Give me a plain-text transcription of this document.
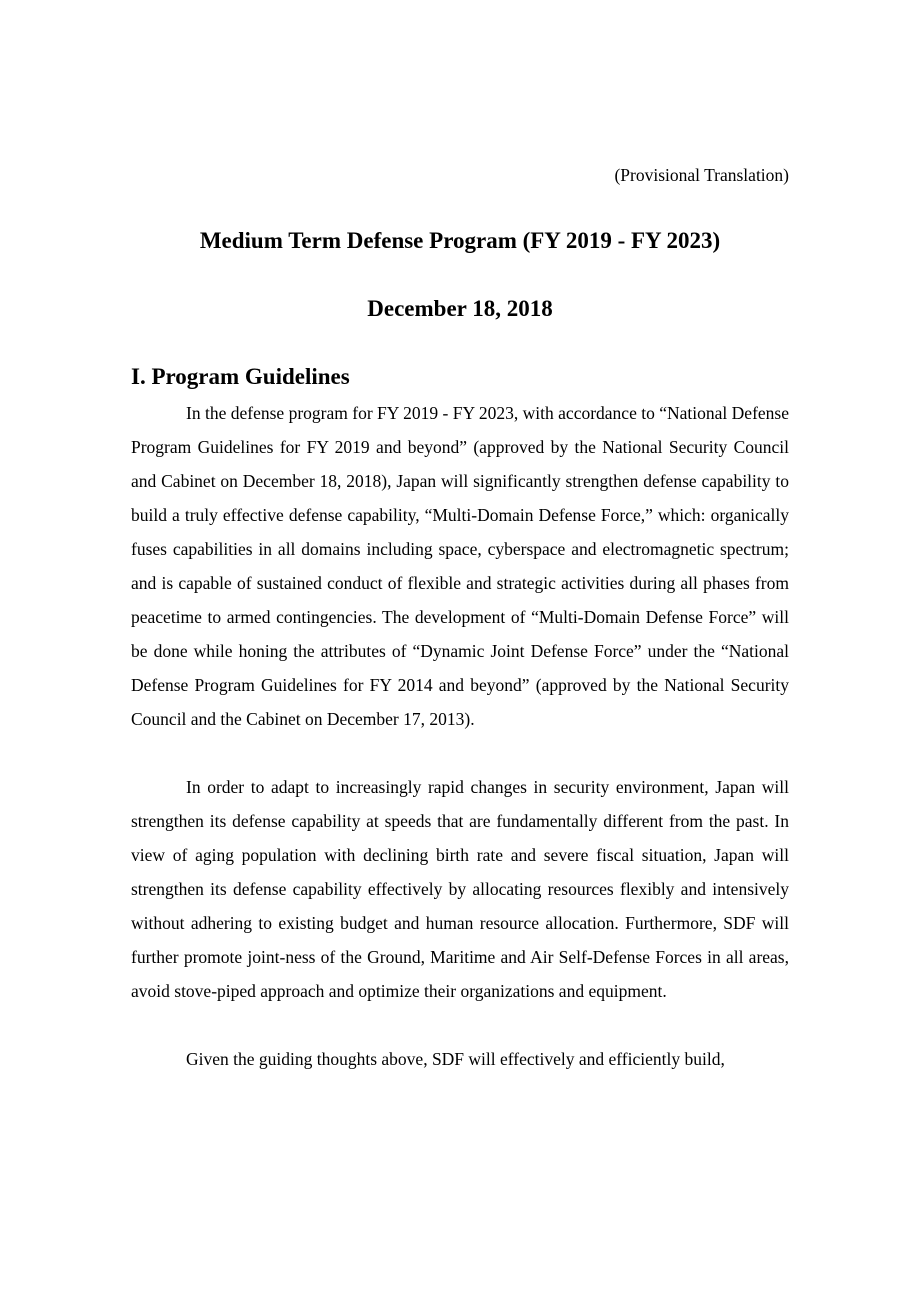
(Provisional Translation)
Medium Term Defense Program (FY 2019 - FY 2023)
December 18, 2018
I. Program Guidelines

In the defense program for FY 2019 - FY 2023, with accordance to “National Defense Program Guidelines for FY 2019 and beyond” (approved by the National Security Council and Cabinet on December 18, 2018), Japan will significantly strengthen defense capability to build a truly effective defense capability, “Multi-Domain Defense Force,” which: organically fuses capabilities in all domains including space, cyberspace and electromagnetic spectrum; and is capable of sustained conduct of flexible and strategic activities during all phases from peacetime to armed contingencies. The development of “Multi-Domain Defense Force” will be done while honing the attributes of “Dynamic Joint Defense Force” under the “National Defense Program Guidelines for FY 2014 and beyond” (approved by the National Security Council and the Cabinet on December 17, 2013).

In order to adapt to increasingly rapid changes in security environment, Japan will strengthen its defense capability at speeds that are fundamentally different from the past. In view of aging population with declining birth rate and severe fiscal situation, Japan will strengthen its defense capability effectively by allocating resources flexibly and intensively without adhering to existing budget and human resource allocation. Furthermore, SDF will further promote joint-ness of the Ground, Maritime and Air Self-Defense Forces in all areas, avoid stove-piped approach and optimize their organizations and equipment.

Given the guiding thoughts above, SDF will effectively and efficiently build,
